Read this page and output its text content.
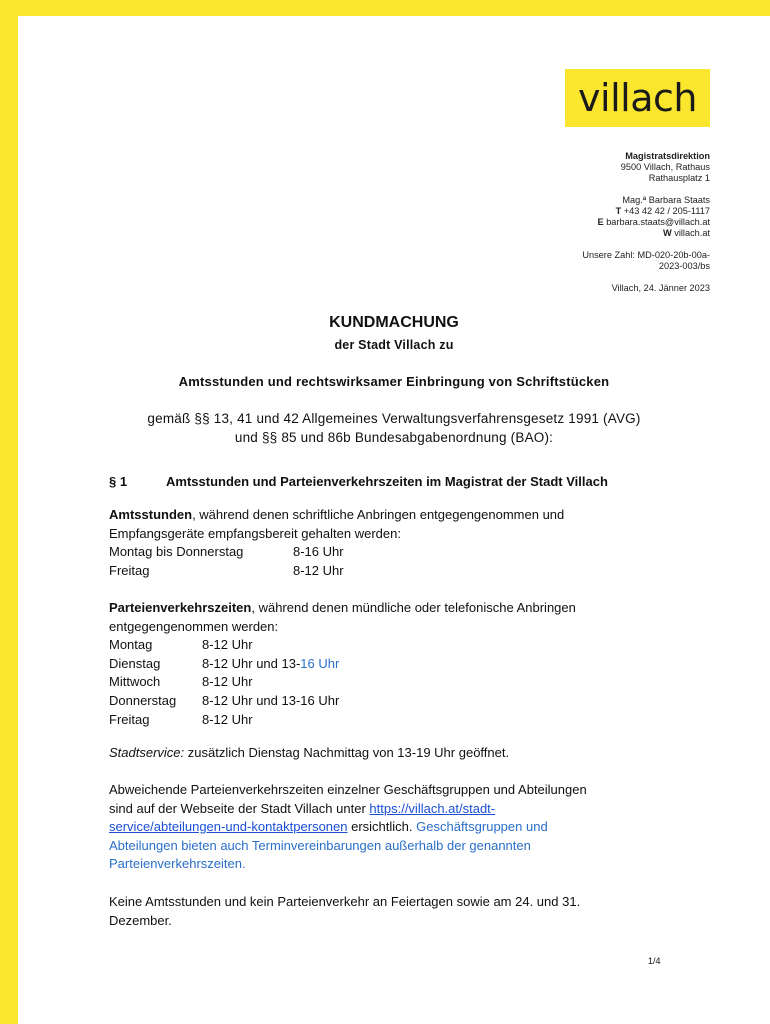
villach
Magistratsdirektion
9500 Villach, Rathaus
Rathausplatz 1
Mag.ª Barbara Staats
T +43 42 42 / 205-1117
E barbara.staats@villach.at
W villach.at
Unsere Zahl: MD-020-20b-00a-
2023-003/bs
Villach, 24. Jänner 2023
KUNDMACHUNG
der Stadt Villach zu
Amtsstunden und rechtswirksamer Einbringung von Schriftstücken
gemäß §§ 13, 41 und 42 Allgemeines Verwaltungsverfahrensgesetz 1991 (AVG)
und §§ 85 und 86b Bundesabgabenordnung (BAO):
§ 1	Amtsstunden und Parteienverkehrszeiten im Magistrat der Stadt Villach
Amtsstunden, während denen schriftliche Anbringen entgegengenommen und
Empfangsgeräte empfangsbereit gehalten werden:
Montag bis Donnerstag	8-16 Uhr
Freitag	8-12 Uhr
Parteienverkehrszeiten, während denen mündliche oder telefonische Anbringen
entgegengenommen werden:
Montag	8-12 Uhr
Dienstag	8-12 Uhr und 13-16 Uhr
Mittwoch	8-12 Uhr
Donnerstag	8-12 Uhr und 13-16 Uhr
Freitag	8-12 Uhr
Stadtservice: zusätzlich Dienstag Nachmittag von 13-19 Uhr geöffnet.
Abweichende Parteienverkehrszeiten einzelner Geschäftsgruppen und Abteilungen
sind auf der Webseite der Stadt Villach unter https://villach.at/stadt-
service/abteilungen-und-kontaktpersonen ersichtlich. Geschäftsgruppen und
Abteilungen bieten auch Terminvereinbarungen außerhalb der genannten
Parteienverkehrszeiten.
Keine Amtsstunden und kein Parteienverkehr an Feiertagen sowie am 24. und 31.
Dezember.
1/4
